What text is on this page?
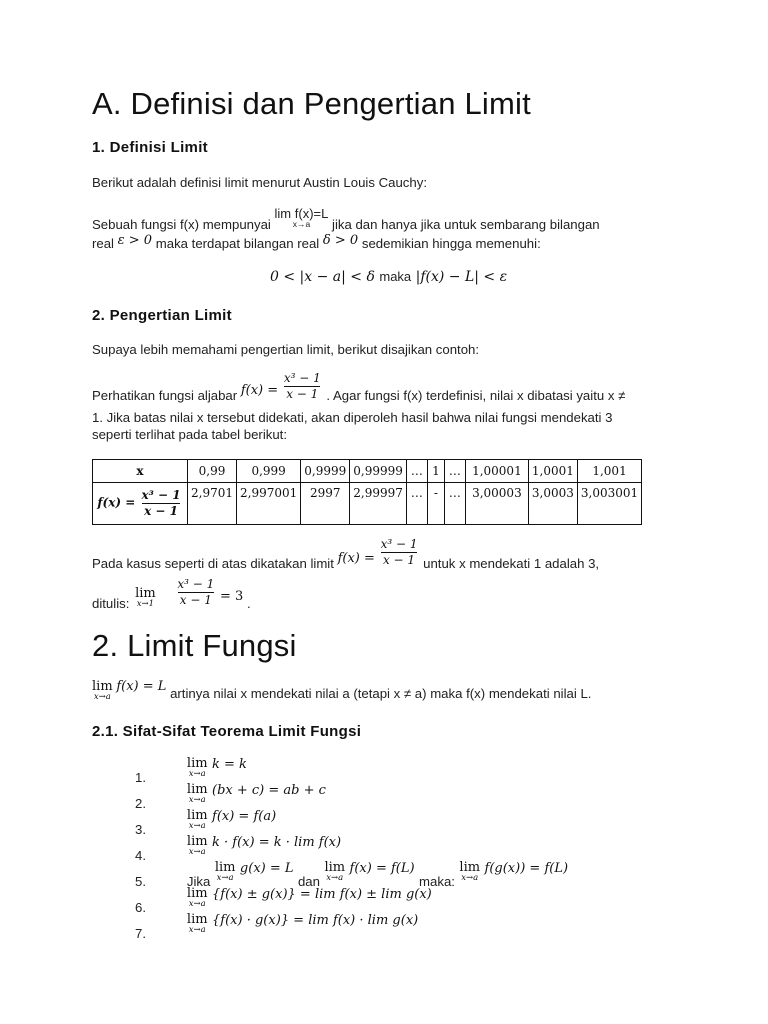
A. Definisi dan Pengertian Limit
1. Definisi Limit
Berikut adalah definisi limit menurut Austin Louis Cauchy:
Sebuah fungsi f(x) mempunyai
lim f(x)=L
x→a jika dan hanya jika untuk sembarang bilangan
real ε > 0 maka terdapat bilangan real δ > 0 sedemikian hingga memenuhi:
0 < |x − a| < δ maka |f(x) − L| < ε
2. Pengertian Limit
Supaya lebih memahami pengertian limit, berikut disajikan contoh:
Perhatikan fungsi aljabar $f(x) = \frac{\text{x³ − 1}}{x - 1}$ . Agar fungsi f(x) terdefinisi, nilai x dibatasi yaitu x ≠
1. Jika batas nilai x tersebut didekati, akan diperoleh hasil bahwa nilai fungsi mendekati 3
seperti terlihat pada tabel berikut:
x	0,99	0,999	0,9999	0,99999	…	1	…	1,00001	1,0001	1,001
$f(x) = \frac{\text{x³ − 1}}{x - 1}$	2,9701	2,997001	2997	2,99997	…	-	…	3,00003	3,0003	3,003001
Pada kasus seperti di atas dikatakan limit $f(x) = \frac{\text{x³ − 1}}{x - 1}$ untuk x mendekati 1 adalah 3,
ditulis:
lim
x→1
$\frac{\text{x³ − 1}}{x - 1} = 3$ .
2. Limit Fungsi
lim
x→a
f(x) = L artinya nilai x mendekati nilai a (tetapi x ≠ a) maka f(x) mendekati nilai L.
2.1. Sifat-Sifat Teorema Limit Fungsi
$_{1.}$
lim
x→a
$^{k = k}$
$_{2.}$
lim
x→a
$^{(bx + c) = ab + c}$
$_{3.}$
lim
x→a
$^{f(x) = f(a)}$
$_{4.}$
lim
x→a
$^{k \cdot f(x) = k \cdot lim f(x)}$
$_{5.}$	$_{Jika}$
lim
x→a
$^{g(x) = L}$ $_{dan}$
lim
x→a
$^{f(x) = f(L)}$ $_{maka:}$
lim
x→a
$^{f(g(x)) = f(L)}$
$_{6.}$
lim
x→a
$^{\{f(x) \pm g(x)\} = lim f(x) \pm lim g(x)}$
$_{7.}$
lim
x→a
$^{\{f(x) \cdot g(x)\} = lim f(x) \cdot lim g(x)}$
